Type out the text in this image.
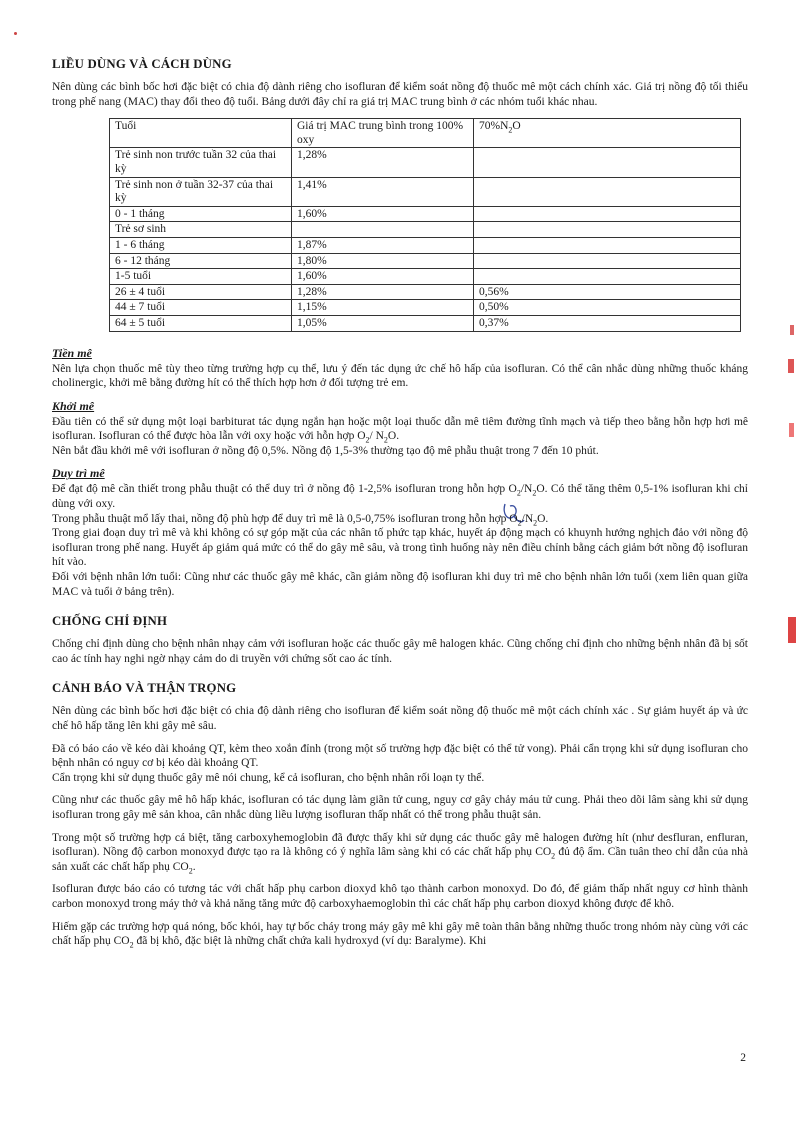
LIỀU DÙNG VÀ CÁCH DÙNG

Nên dùng các bình bốc hơi đặc biệt có chia độ dành riêng cho isofluran để kiểm soát nồng độ thuốc mê một cách chính xác. Giá trị nồng độ tối thiểu trong phế nang (MAC) thay đổi theo độ tuổi. Bảng dưới đây chỉ ra giá trị MAC trung bình ở các nhóm tuổi khác nhau.

Tuổi	Giá trị MAC trung bình trong 100% oxy	$70\%N_2O$
Trẻ sinh non trước tuần 32 của thai kỳ	1,28%	
Trẻ sinh non ở tuần 32-37 của thai kỳ	1,41%	
0 - 1 tháng	1,60%	
Trẻ sơ sinh		
1 - 6 tháng	1,87%	
6 - 12 tháng	1,80%	
1-5 tuổi	1,60%	
26 ± 4 tuổi	1,28%	0,56%
44 ± 7 tuổi	1,15%	0,50%
64 ± 5 tuổi	1,05%	0,37%
Tiền mê

Nên lựa chọn thuốc mê tùy theo từng trường hợp cụ thể, lưu ý đến tác dụng ức chế hô hấp của isofluran. Có thể cân nhắc dùng những thuốc kháng cholinergic, khởi mê bằng đường hít có thể thích hợp hơn ở đối tượng trẻ em.

Khởi mê

Đầu tiên có thể sử dụng một loại barbiturat tác dụng ngắn hạn hoặc một loại thuốc dẫn mê tiêm đường tĩnh mạch và tiếp theo bằng hỗn hợp hơi mê isofluran. Isofluran có thể được hòa lẫn với oxy hoặc với hỗn hợp $O_2/$ $N_2O$.

Nên bắt đầu khởi mê với isofluran ở nồng độ 0,5%. Nồng độ 1,5-3% thường tạo độ mê phẫu thuật trong 7 đến 10 phút.

Duy trì mê

Để đạt độ mê cần thiết trong phẫu thuật có thể duy trì ở nồng độ 1-2,5% isofluran trong hỗn hợp $O_2/N_2O$. Có thể tăng thêm 0,5-1% isofluran khi chỉ dùng với oxy.

Trong phẫu thuật mổ lấy thai, nồng độ phù hợp để duy trì mê là 0,5-0,75% isofluran trong hỗn hợp $O_2/N_2O$.

Trong giai đoạn duy trì mê và khi không có sự góp mặt của các nhân tố phức tạp khác, huyết áp động mạch có khuynh hướng nghịch đảo với nồng độ isofluran trong phế nang. Huyết áp giảm quá mức có thể do gây mê sâu, và trong tình huống này nên điều chỉnh bằng cách giảm bớt nồng độ isofluran hít vào.

Đối với bệnh nhân lớn tuổi: Cũng như các thuốc gây mê khác, cần giảm nồng độ isofluran khi duy trì mê cho bệnh nhân lớn tuổi (xem liên quan giữa MAC và tuổi ở bảng trên).

CHỐNG CHỈ ĐỊNH

Chống chỉ định dùng cho bệnh nhân nhạy cảm với isofluran hoặc các thuốc gây mê halogen khác. Cũng chống chỉ định cho những bệnh nhân đã bị sốt cao ác tính hay nghi ngờ nhạy cảm do di truyền với chứng sốt cao ác tính.

CẢNH BÁO VÀ THẬN TRỌNG

Nên dùng các bình bốc hơi đặc biệt có chia độ dành riêng cho isofluran để kiểm soát nồng độ thuốc mê một cách chính xác . Sự giảm huyết áp và ức chế hô hấp tăng lên khi gây mê sâu.

Đã có báo cáo về kéo dài khoảng QT, kèm theo xoắn đỉnh (trong một số trường hợp đặc biệt có thể tử vong). Phải cẩn trọng khi sử dụng isofluran cho bệnh nhân có nguy cơ bị kéo dài khoảng QT.

Cẩn trọng khi sử dụng thuốc gây mê nói chung, kể cả isofluran, cho bệnh nhân rối loạn ty thể.

Cũng như các thuốc gây mê hô hấp khác, isofluran có tác dụng làm giãn tử cung, nguy cơ gây chảy máu tử cung. Phải theo dõi lâm sàng khi sử dụng isofluran trong gây mê sản khoa, cân nhắc dùng liều lượng isofluran thấp nhất có thể trong phẫu thuật sản.

Trong một số trường hợp cá biệt, tăng carboxyhemoglobin đã được thấy khi sử dụng các thuốc gây mê halogen đường hít (như desfluran, enfluran, isofluran). Nồng độ carbon monoxyd được tạo ra là không có ý nghĩa lâm sàng khi có các chất hấp phụ $CO_2$ đủ độ ẩm. Cần tuân theo chỉ dẫn của nhà sản xuất các chất hấp phụ $CO_2$.

Isofluran được báo cáo có tương tác với chất hấp phụ carbon dioxyd khô tạo thành carbon monoxyd. Do đó, để giảm thấp nhất nguy cơ hình thành carbon monoxyd trong máy thở và khả năng tăng mức độ carboxyhaemoglobin thì các chất hấp phụ carbon dioxyd không được để khô.

Hiếm gặp các trường hợp quá nóng, bốc khói, hay tự bốc cháy trong máy gây mê khi gây mê toàn thân bằng những thuốc trong nhóm này cùng với các chất hấp phụ $CO_2$ đã bị khô, đặc biệt là những chất chứa kali hydroxyd (ví dụ: Baralyme). Khi

2
